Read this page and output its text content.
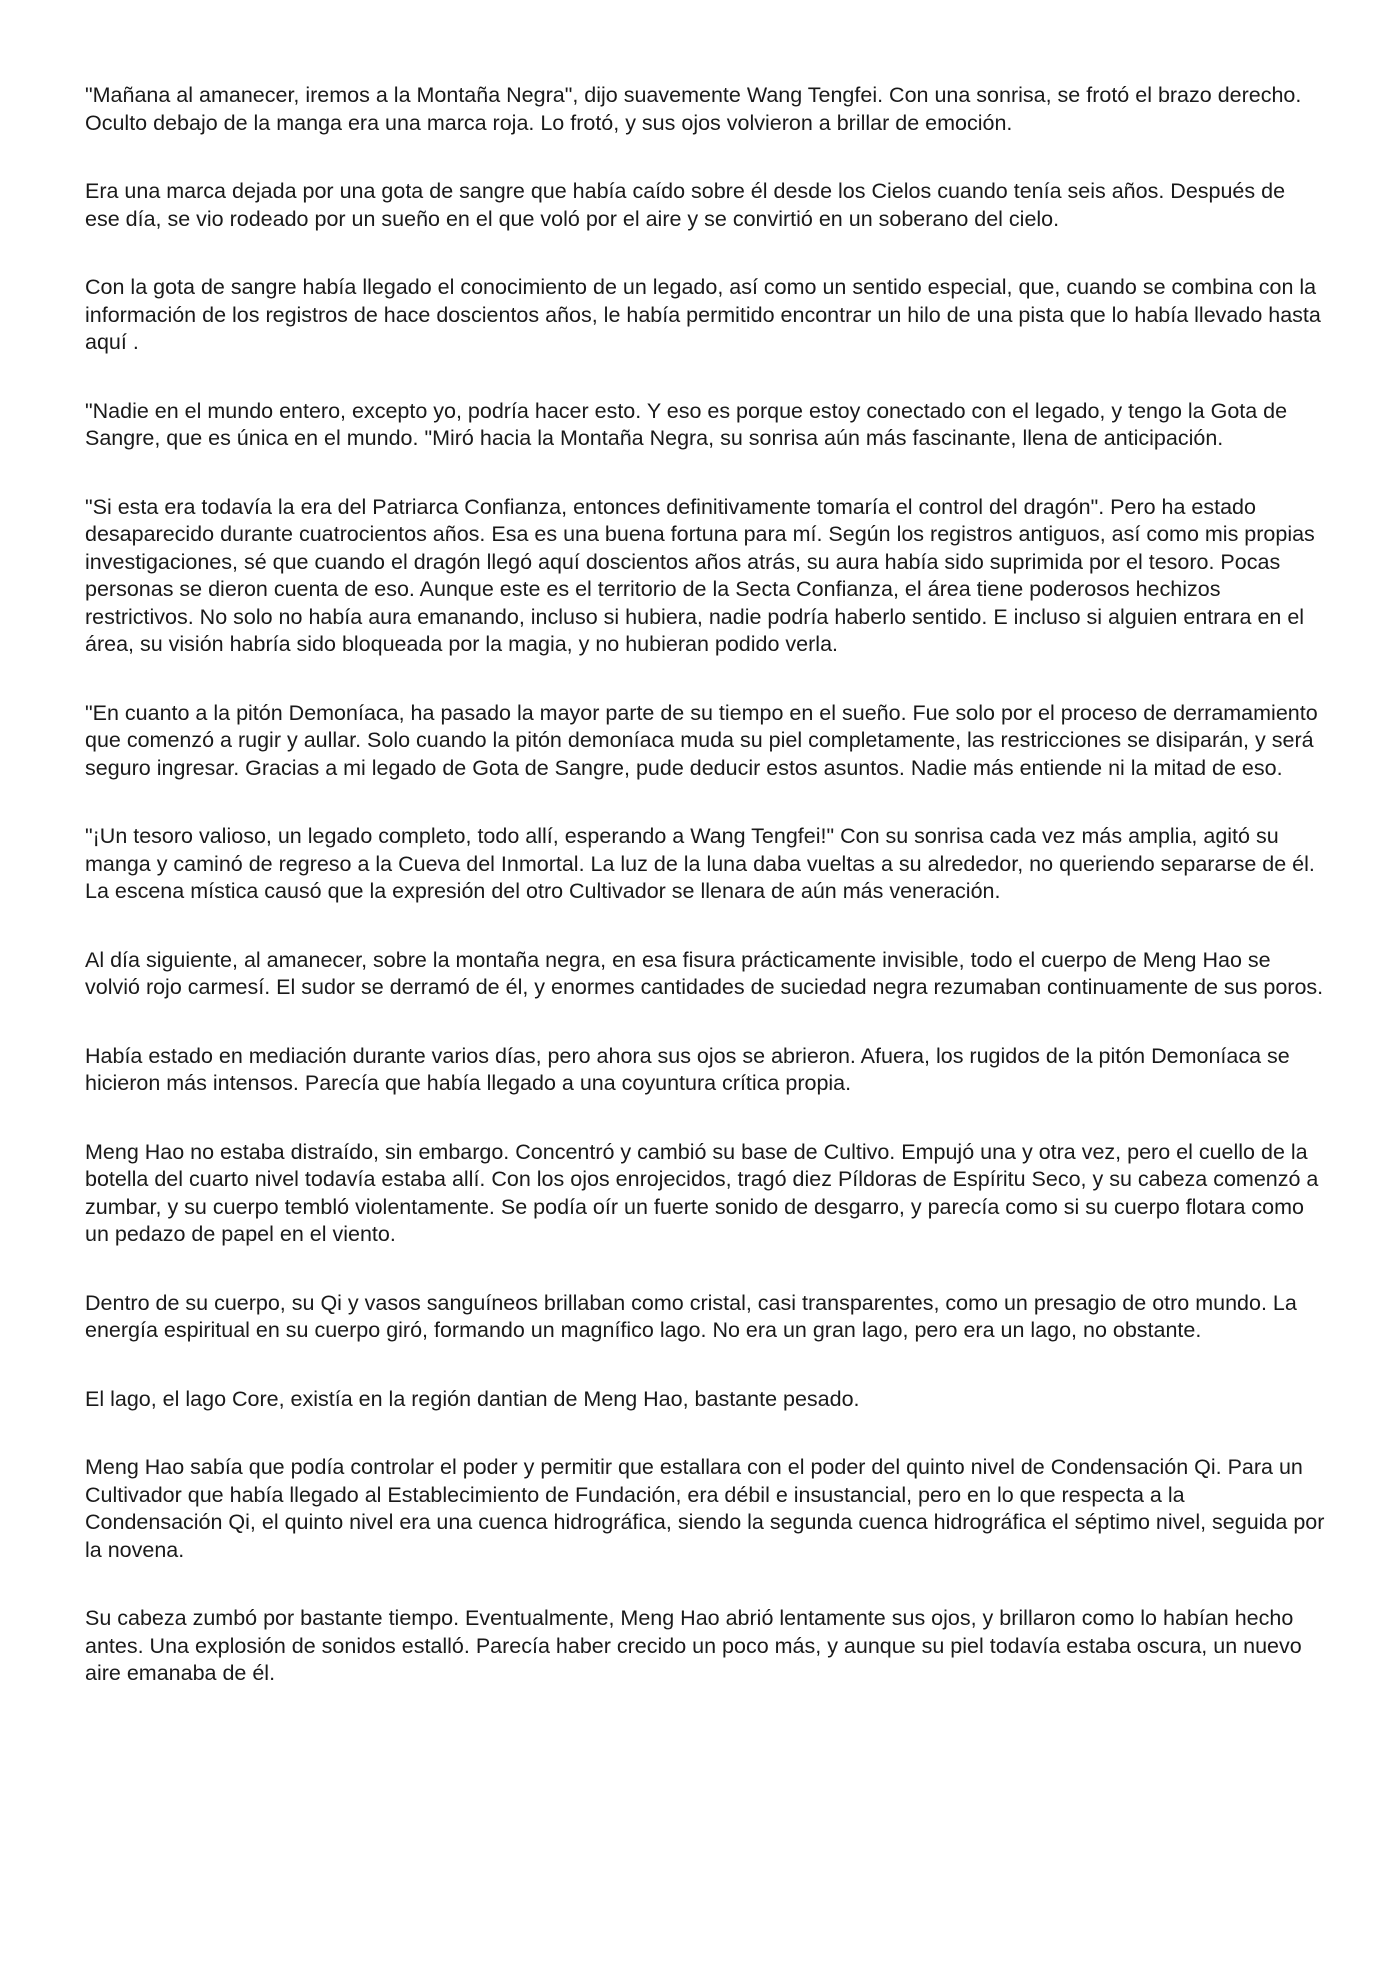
"Mañana al amanecer, iremos a la Montaña Negra", dijo suavemente Wang Tengfei. Con una sonrisa, se frotó el brazo derecho. Oculto debajo de la manga era una marca roja. Lo frotó, y sus ojos volvieron a brillar de emoción.

Era una marca dejada por una gota de sangre que había caído sobre él desde los Cielos cuando tenía seis años. Después de ese día, se vio rodeado por un sueño en el que voló por el aire y se convirtió en un soberano del cielo.

Con la gota de sangre había llegado el conocimiento de un legado, así como un sentido especial, que, cuando se combina con la información de los registros de hace doscientos años, le había permitido encontrar un hilo de una pista que lo había llevado hasta aquí .

"Nadie en el mundo entero, excepto yo, podría hacer esto. Y eso es porque estoy conectado con el legado, y tengo la Gota de Sangre, que es única en el mundo. "Miró hacia la Montaña Negra, su sonrisa aún más fascinante, llena de anticipación.

"Si esta era todavía la era del Patriarca Confianza, entonces definitivamente tomaría el control del dragón". Pero ha estado desaparecido durante cuatrocientos años. Esa es una buena fortuna para mí. Según los registros antiguos, así como mis propias investigaciones, sé que cuando el dragón llegó aquí doscientos años atrás, su aura había sido suprimida por el tesoro. Pocas personas se dieron cuenta de eso. Aunque este es el territorio de la Secta Confianza, el área tiene poderosos hechizos restrictivos. No solo no había aura emanando, incluso si hubiera, nadie podría haberlo sentido. E incluso si alguien entrara en el área, su visión habría sido bloqueada por la magia, y no hubieran podido verla.

"En cuanto a la pitón Demoníaca, ha pasado la mayor parte de su tiempo en el sueño. Fue solo por el proceso de derramamiento que comenzó a rugir y aullar. Solo cuando la pitón demoníaca muda su piel completamente, las restricciones se disiparán, y será seguro ingresar. Gracias a mi legado de Gota de Sangre, pude deducir estos asuntos. Nadie más entiende ni la mitad de eso.

"¡Un tesoro valioso, un legado completo, todo allí, esperando a Wang Tengfei!" Con su sonrisa cada vez más amplia, agitó su manga y caminó de regreso a la Cueva del Inmortal. La luz de la luna daba vueltas a su alrededor, no queriendo separarse de él. La escena mística causó que la expresión del otro Cultivador se llenara de aún más veneración.

Al día siguiente, al amanecer, sobre la montaña negra, en esa fisura prácticamente invisible, todo el cuerpo de Meng Hao se volvió rojo carmesí. El sudor se derramó de él, y enormes cantidades de suciedad negra rezumaban continuamente de sus poros.

Había estado en mediación durante varios días, pero ahora sus ojos se abrieron. Afuera, los rugidos de la pitón Demoníaca se hicieron más intensos. Parecía que había llegado a una coyuntura crítica propia.

Meng Hao no estaba distraído, sin embargo. Concentró y cambió su base de Cultivo. Empujó una y otra vez, pero el cuello de la botella del cuarto nivel todavía estaba allí. Con los ojos enrojecidos, tragó diez Píldoras de Espíritu Seco, y su cabeza comenzó a zumbar, y su cuerpo tembló violentamente. Se podía oír un fuerte sonido de desgarro, y parecía como si su cuerpo flotara como un pedazo de papel en el viento.

Dentro de su cuerpo, su Qi y vasos sanguíneos brillaban como cristal, casi transparentes, como un presagio de otro mundo. La energía espiritual en su cuerpo giró, formando un magnífico lago. No era un gran lago, pero era un lago, no obstante.

El lago, el lago Core, existía en la región dantian de Meng Hao, bastante pesado.

Meng Hao sabía que podía controlar el poder y permitir que estallara con el poder del quinto nivel de Condensación Qi. Para un Cultivador que había llegado al Establecimiento de Fundación, era débil e insustancial, pero en lo que respecta a la Condensación Qi, el quinto nivel era una cuenca hidrográfica, siendo la segunda cuenca hidrográfica el séptimo nivel, seguida por la novena.

Su cabeza zumbó por bastante tiempo. Eventualmente, Meng Hao abrió lentamente sus ojos, y brillaron como lo habían hecho antes. Una explosión de sonidos estalló. Parecía haber crecido un poco más, y aunque su piel todavía estaba oscura, un nuevo aire emanaba de él.
